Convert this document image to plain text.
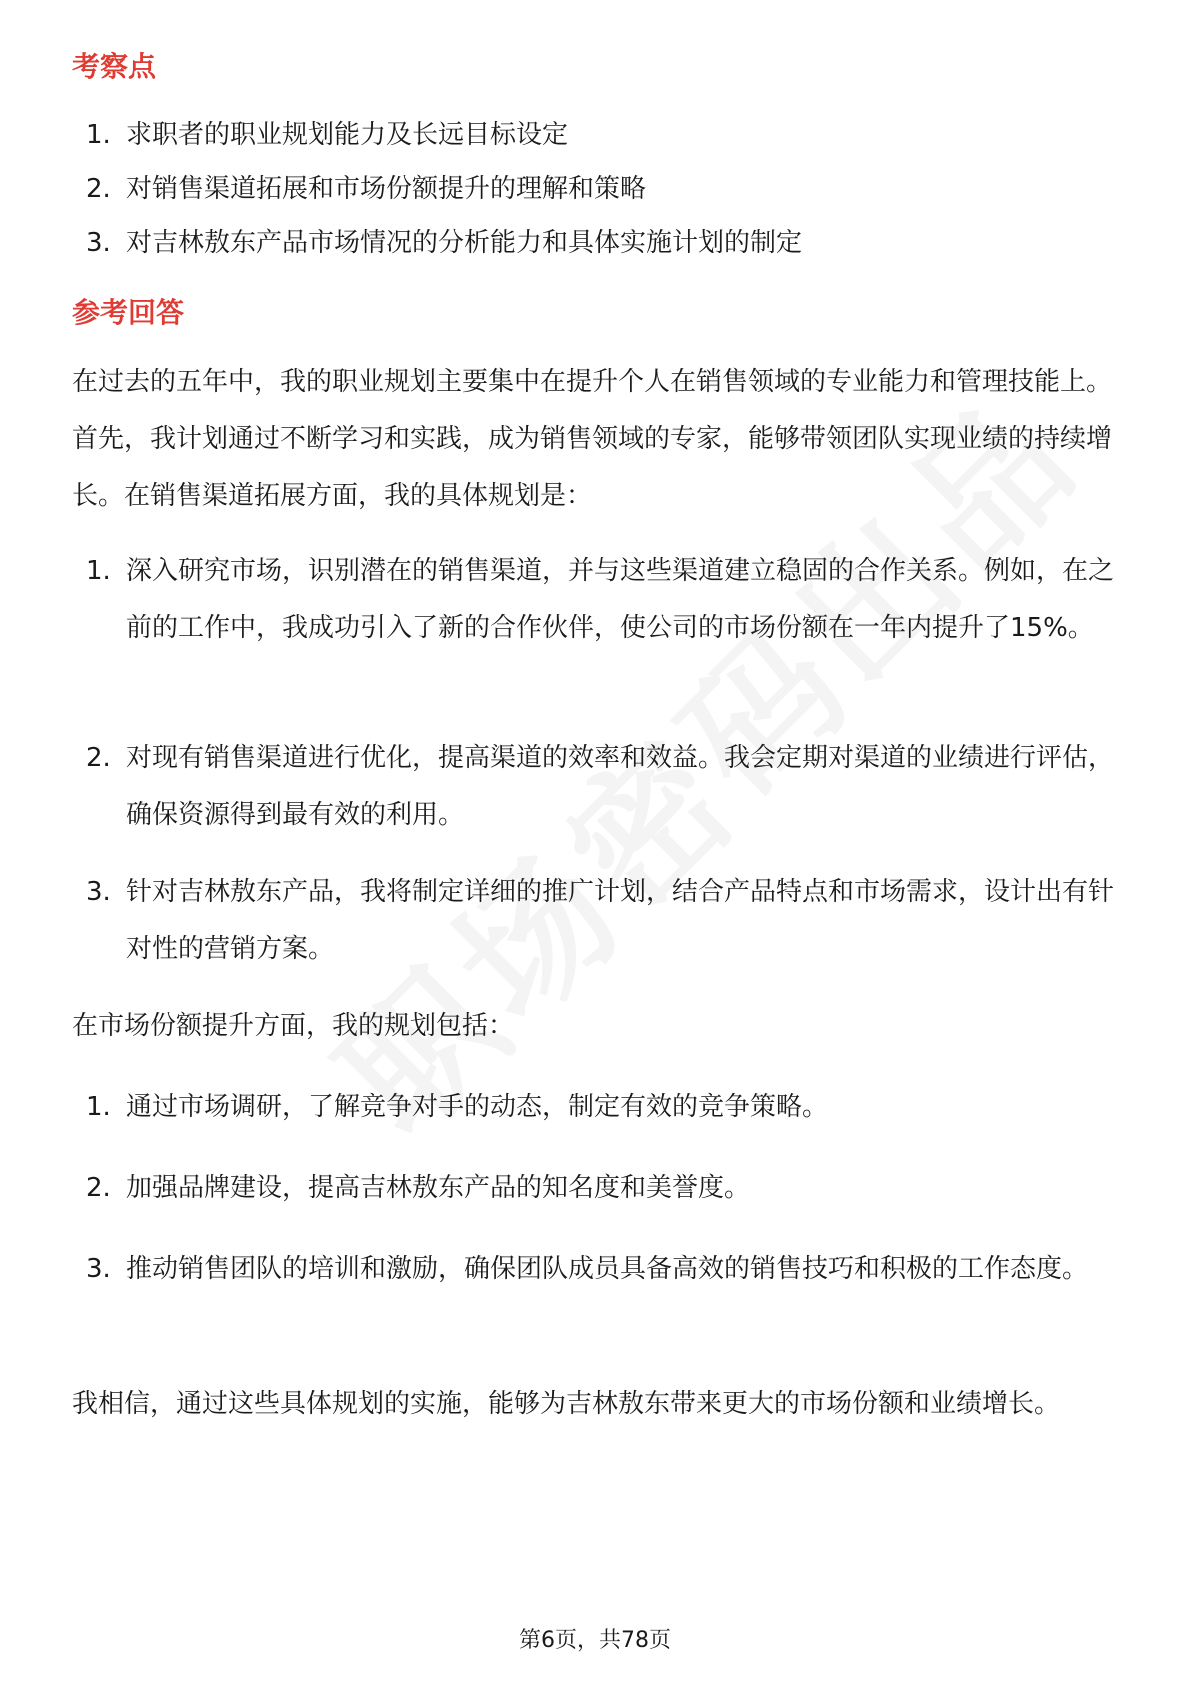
考察点
1. 求职者的职业规划能力及长远目标设定
2. 对销售渠道拓展和市场份额提升的理解和策略
3. 对吉林敖东产品市场情况的分析能力和具体实施计划的制定
参考回答

在过去的五年中，我的职业规划主要集中在提升个人在销售领域的专业能力和管理技能上。首先，我计划通过不断学习和实践，成为销售领域的专家，能够带领团队实现业绩的持续增长。在销售渠道拓展方面，我的具体规划是：

1. 深入研究市场，识别潜在的销售渠道，并与这些渠道建立稳固的合作关系。例如，在之前的工作中，我成功引入了新的合作伙伴，使公司的市场份额在一年内提升了15%。
2. 对现有销售渠道进行优化，提高渠道的效率和效益。我会定期对渠道的业绩进行评估，确保资源得到最有效的利用。
3. 针对吉林敖东产品，我将制定详细的推广计划，结合产品特点和市场需求，设计出有针对性的营销方案。

在市场份额提升方面，我的规划包括：

1. 通过市场调研，了解竞争对手的动态，制定有效的竞争策略。
2. 加强品牌建设，提高吉林敖东产品的知名度和美誉度。
3. 推动销售团队的培训和激励，确保团队成员具备高效的销售技巧和积极的工作态度。

我相信，通过这些具体规划的实施，能够为吉林敖东带来更大的市场份额和业绩增长。

第6页，共78页
